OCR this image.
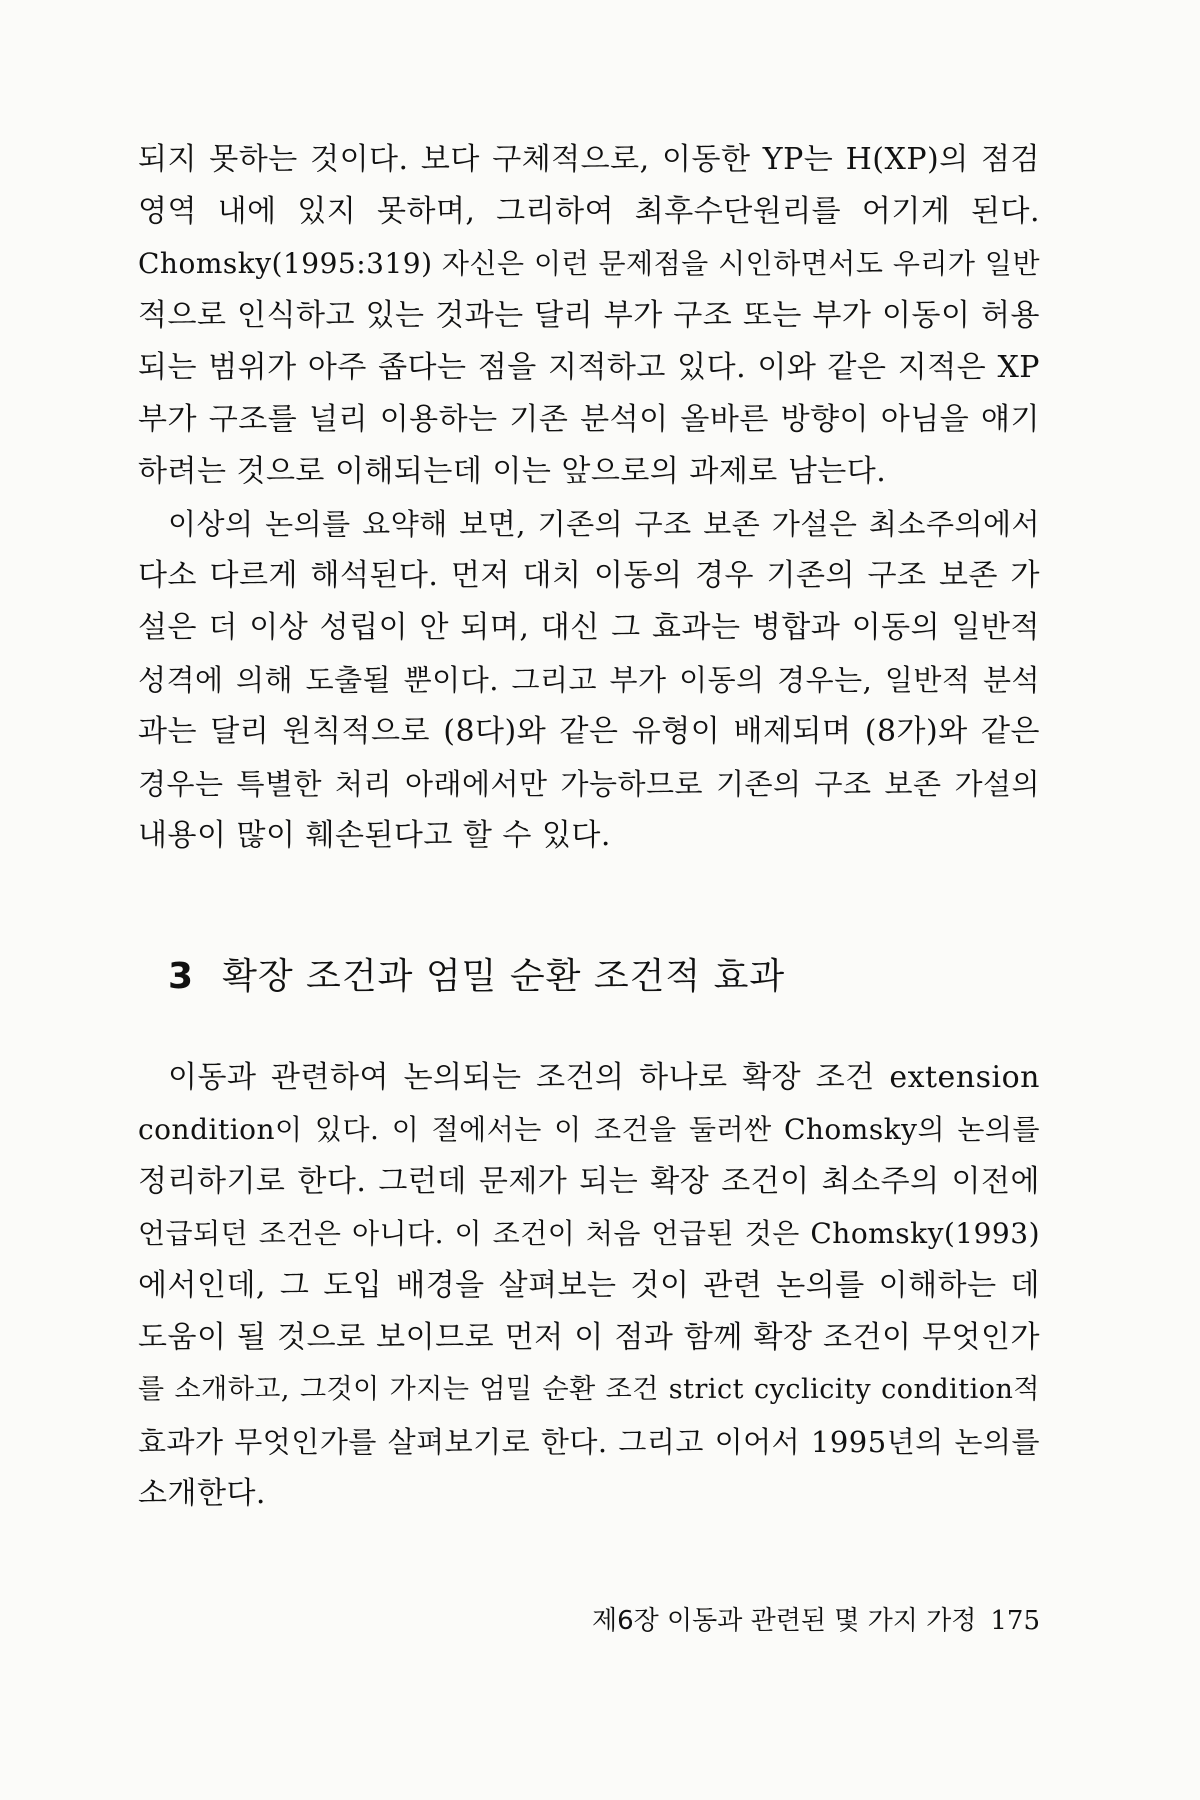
되지 못하는 것이다. 보다 구체적으로, 이동한 YP는 H(XP)의 점검
영역 내에 있지 못하며, 그리하여 최후수단원리를 어기게 된다.
Chomsky(1995:319) 자신은 이런 문제점을 시인하면서도 우리가 일반
적으로 인식하고 있는 것과는 달리 부가 구조 또는 부가 이동이 허용
되는 범위가 아주 좁다는 점을 지적하고 있다. 이와 같은 지적은 XP
부가 구조를 널리 이용하는 기존 분석이 올바른 방향이 아님을 얘기
하려는 것으로 이해되는데 이는 앞으로의 과제로 남는다.
이상의 논의를 요약해 보면, 기존의 구조 보존 가설은 최소주의에서
다소 다르게 해석된다. 먼저 대치 이동의 경우 기존의 구조 보존 가
설은 더 이상 성립이 안 되며, 대신 그 효과는 병합과 이동의 일반적
성격에 의해 도출될 뿐이다. 그리고 부가 이동의 경우는, 일반적 분석
과는 달리 원칙적으로 (8다)와 같은 유형이 배제되며 (8가)와 같은
경우는 특별한 처리 아래에서만 가능하므로 기존의 구조 보존 가설의
내용이 많이 훼손된다고 할 수 있다.
3 확장 조건과 엄밀 순환 조건적 효과
이동과 관련하여 논의되는 조건의 하나로 확장 조건 extension
condition이 있다. 이 절에서는 이 조건을 둘러싼 Chomsky의 논의를
정리하기로 한다. 그런데 문제가 되는 확장 조건이 최소주의 이전에
언급되던 조건은 아니다. 이 조건이 처음 언급된 것은 Chomsky(1993)
에서인데, 그 도입 배경을 살펴보는 것이 관련 논의를 이해하는 데
도움이 될 것으로 보이므로 먼저 이 점과 함께 확장 조건이 무엇인가
를 소개하고, 그것이 가지는 엄밀 순환 조건 strict cyclicity condition적
효과가 무엇인가를 살펴보기로 한다. 그리고 이어서 1995년의 논의를
소개한다.
제6장 이동과 관련된 몇 가지 가정 175
